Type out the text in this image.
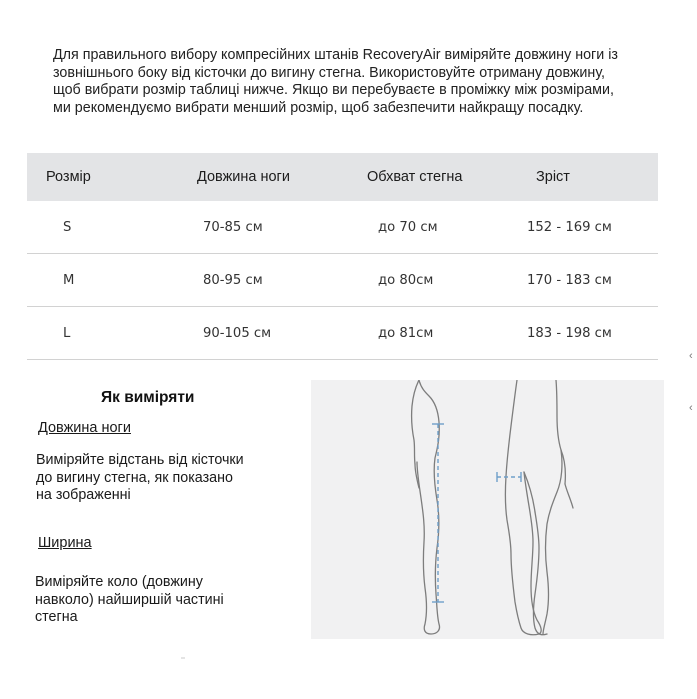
Для правильного вибору компресійних штанів RecoveryAir виміряйте довжину ноги із

зовнішнього боку від кісточки до вигину стегна. Використовуйте отриману довжину,

щоб вибрати розмір таблиці нижче. Якщо ви перебуваєте в проміжку між розмірами,

ми рекомендуємо вибрати менший розмір, щоб забезпечити найкращу посадку.

Розмір	Довжина ноги	Обхват стегна	Зріст
S	70-85 см	до 70 см	152 - 169 см
M	80-95 см	до 80см	170 - 183 см
L	90-105 см	до 81см	183 - 198 см
‹
‹
Як виміряти
Довжина ноги
Виміряйте відстань від кісточки
до вигину стегна, як показано
на зображенні
Ширина
Виміряйте коло (довжину
навколо) найширшій частині
стегна
